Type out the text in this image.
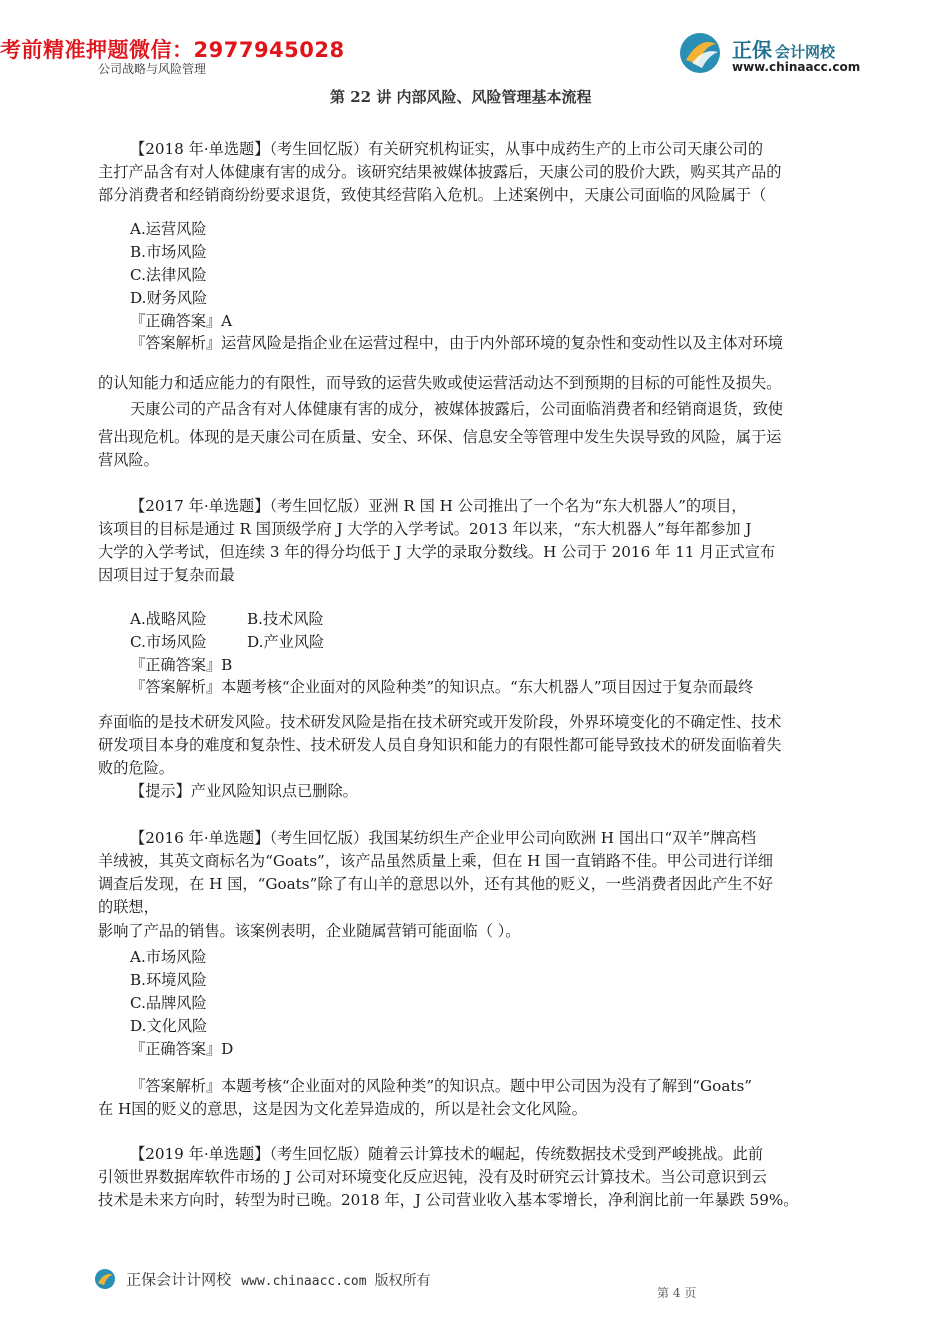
考前精准押题微信：2977945028
公司战略与风险管理
正保 会计网校
www.chinaacc.com
第 22 讲 内部风险、风险管理基本流程
【2018 年·单选题】（考生回忆版）有关研究机构证实，从事中成药生产的上市公司天康公司的
主打产品含有对人体健康有害的成分。该研究结果被媒体披露后，天康公司的股价大跌，购买其产品的
部分消费者和经销商纷纷要求退货，致使其经营陷入危机。上述案例中，天康公司面临的风险属于（
A.运营风险
B.市场风险
C.法律风险
D.财务风险
『正确答案』A
『答案解析』运营风险是指企业在运营过程中，由于内外部环境的复杂性和变动性以及主体对环境
的认知能力和适应能力的有限性，而导致的运营失败或使运营活动达不到预期的目标的可能性及损失。
天康公司的产品含有对人体健康有害的成分，被媒体披露后，公司面临消费者和经销商退货，致使
营出现危机。体现的是天康公司在质量、安全、环保、信息安全等管理中发生失误导致的风险，属于运
营风险。
【2017 年·单选题】（考生回忆版）亚洲 R 国 H 公司推出了一个名为“东大机器人”的项目，
该项目的目标是通过 R 国顶级学府 J 大学的入学考试。2013 年以来，“东大机器人”每年都参加 J
大学的入学考试，但连续 3 年的得分均低于 J 大学的录取分数线。H 公司于 2016 年 11 月正式宣布
因项目过于复杂而最
A.战略风险	B.技术风险
C.市场风险	D.产业风险
『正确答案』B
『答案解析』本题考核“企业面对的风险种类”的知识点。“东大机器人”项目因过于复杂而最终
弃面临的是技术研发风险。技术研发风险是指在技术研究或开发阶段，外界环境变化的不确定性、技术
研发项目本身的难度和复杂性、技术研发人员自身知识和能力的有限性都可能导致技术的研发面临着失
败的危险。
【提示】产业风险知识点已删除。
【2016 年·单选题】（考生回忆版）我国某纺织生产企业甲公司向欧洲 H 国出口“双羊”牌高档
羊绒被，其英文商标名为“Goats”，该产品虽然质量上乘，但在 H 国一直销路不佳。甲公司进行详细
调查后发现，在 H 国，“Goats”除了有山羊的意思以外，还有其他的贬义，一些消费者因此产生不好
的联想，
影响了产品的销售。该案例表明，企业随属营销可能面临（ ）。
A.市场风险
B.环境风险
C.品牌风险
D.文化风险
『正确答案』D
『答案解析』本题考核“企业面对的风险种类”的知识点。题中甲公司因为没有了解到“Goats”
在 H国的贬义的意思，这是因为文化差异造成的，所以是社会文化风险。
【2019 年·单选题】（考生回忆版）随着云计算技术的崛起，传统数据技术受到严峻挑战。此前
引领世界数据库软件市场的 J 公司对环境变化反应迟钝，没有及时研究云计算技术。当公司意识到云
技术是未来方向时，转型为时已晚。2018 年，J 公司营业收入基本零增长，净利润比前一年暴跌 59%。
正保会计计网校 www.chinaacc.com 版权所有
第 4 页
